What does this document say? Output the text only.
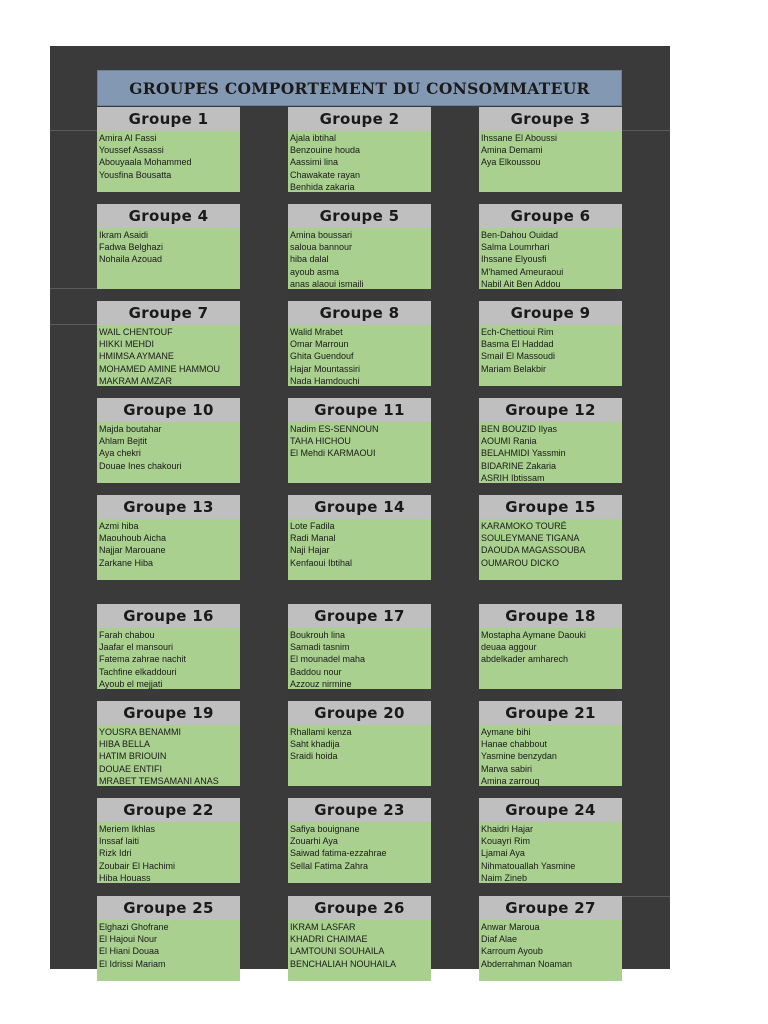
GROUPES COMPORTEMENT DU CONSOMMATEUR
Groupe 1
Amira Al Fassi
Youssef Assassi
Abouyaala Mohammed
Yousfina Bousatta
Groupe 2
Ajala ibtihal
Benzouine houda
Aassimi lina
Chawakate rayan
Benhida zakaria
Groupe 3
Ihssane El Aboussi
Amina Demami
Aya Elkoussou
Groupe 4
Ikram Asaidi
Fadwa Belghazi
Nohaila Azouad
Groupe 5
Amina boussari
saloua bannour
hiba dalal
ayoub asma
anas alaoui ismaili
Groupe 6
Ben-Dahou Ouidad
Salma Loumrhari
Ihssane Elyousfi
M'hamed Ameuraoui
Nabil Ait Ben Addou
Groupe 7
WAIL CHENTOUF
HIKKI MEHDI
HMIMSA AYMANE
MOHAMED AMINE HAMMOU
MAKRAM AMZAR
Groupe 8
Walid Mrabet
Omar Marroun
Ghita Guendouf
Hajar Mountassiri
Nada Hamdouchi
Groupe 9
Ech-Chettioui Rim
Basma El Haddad
Smail El Massoudi
Mariam Belakbir
Groupe 10
Majda boutahar
Ahlam Bejtit
Aya chekri
Douae Ines chakouri
Groupe 11
Nadim ES-SENNOUN
TAHA HICHOU
El Mehdi KARMAOUI
Groupe 12
BEN BOUZID Ilyas
AOUMI Rania
BELAHMIDI Yassmin
BIDARINE Zakaria
ASRIH Ibtissam
Groupe 13
Azmi hiba
Maouhoub Aicha
Najjar Marouane
Zarkane Hiba
Groupe 14
Lote Fadila
Radi Manal
Naji Hajar
Kenfaoui Ibtihal
Groupe 15
KARAMOKO TOURÉ
SOULEYMANE TIGANA
DAOUDA MAGASSOUBA
OUMAROU DICKO
Groupe 16
Farah chabou
Jaafar el mansouri
Fatema zahrae nachit
Tachfine elkaddouri
Ayoub el mejjati
Groupe 17
Boukrouh lina
Samadi tasnim
El mounadel maha
Baddou nour
Azzouz nirmine
Groupe 18
Mostapha Aymane Daouki
deuaa aggour
abdelkader amharech
Groupe 19
YOUSRA BENAMMI
HIBA BELLA
HATIM BRIOUIN
DOUAE ENTIFI
MRABET TEMSAMANI ANAS
Groupe 20
Rhallami kenza
Saht khadija
Sraidi hoida
Groupe 21
Aymane bihi
Hanae chabbout
Yasmine benzydan
Marwa sabiri
Amina zarrouq
Groupe 22
Meriem Ikhlas
Inssaf laiti
Rizk Idri
Zoubair El Hachimi
Hiba Houass
Groupe 23
Safiya bouignane
Zouarhi Aya
Saiwad fatima-ezzahrae
Sellal Fatima Zahra
Groupe 24
Khaidri Hajar
Kouayri Rim
Ljamai Aya
Nihmatouallah Yasmine
Naim Zineb
Groupe 25
Elghazi Ghofrane
El Hajoui Nour
El Hiani Douaa
El Idrissi Mariam
Groupe 26
IKRAM LASFAR
KHADRI CHAIMAE
LAMTOUNI SOUHAILA
BENCHALIAH NOUHAILA
Groupe 27
Anwar Maroua
Diaf Alae
Karroum Ayoub
Abderrahman Noaman
